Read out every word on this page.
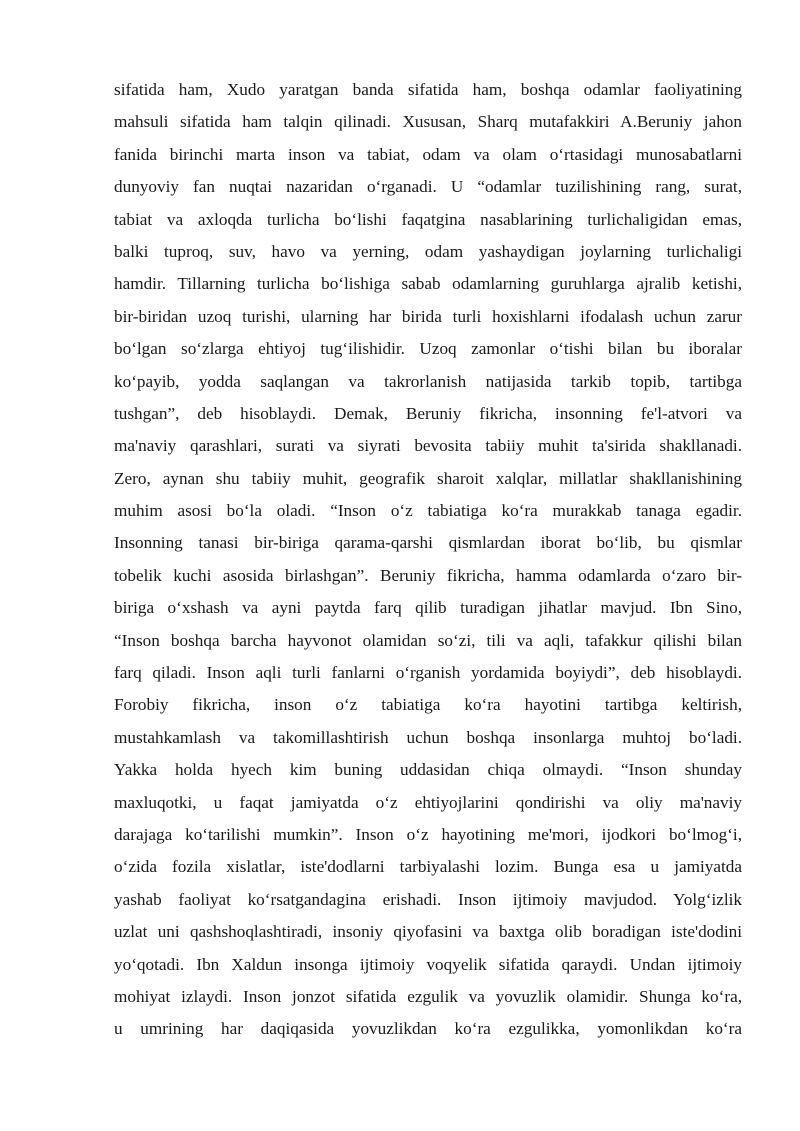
sifatida ham, Xudo yaratgan banda sifatida ham, boshqa odamlar faoliyatining
mahsuli sifatida ham talqin qilinadi. Xususan, Sharq mutafakkiri A.Beruniy jahon
fanida birinchi marta inson va tabiat, odam va olam oʻrtasidagi munosabatlarni
dunyoviy fan nuqtai nazaridan oʻrganadi. U “odamlar tuzilishining rang, surat,
tabiat va axloqda turlicha boʻlishi faqatgina nasablarining turlichaligidan emas,
balki tuproq, suv, havo va yerning, odam yashaydigan joylarning turlichaligi
hamdir. Tillarning turlicha boʻlishiga sabab odamlarning guruhlarga ajralib ketishi,
bir-biridan uzoq turishi, ularning har birida turli hoxishlarni ifodalash uchun zarur
boʻlgan soʻzlarga ehtiyoj tugʻilishidir. Uzoq zamonlar oʻtishi bilan bu iboralar
koʻpayib, yodda saqlangan va takrorlanish natijasida tarkib topib, tartibga
tushgan”, deb hisoblaydi. Demak, Beruniy fikricha, insonning fe'l-atvori va
ma'naviy qarashlari, surati va siyrati bevosita tabiiy muhit ta'sirida shakllanadi.
Zero, aynan shu tabiiy muhit, geografik sharoit xalqlar, millatlar shakllanishining
muhim asosi boʻla oladi. “Inson oʻz tabiatiga koʻra murakkab tanaga egadir.
Insonning tanasi bir-biriga qarama-qarshi qismlardan iborat boʻlib, bu qismlar
tobelik kuchi asosida birlashgan”. Beruniy fikricha, hamma odamlarda oʻzaro bir-
biriga oʻxshash va ayni paytda farq qilib turadigan jihatlar mavjud. Ibn Sino,
“Inson boshqa barcha hayvonot olamidan soʻzi, tili va aqli, tafakkur qilishi bilan
farq qiladi. Inson aqli turli fanlarni oʻrganish yordamida boyiydi”, deb hisoblaydi.
Forobiy fikricha, inson oʻz tabiatiga koʻra hayotini tartibga keltirish,
mustahkamlash va takomillashtirish uchun boshqa insonlarga muhtoj boʻladi.
Yakka holda hyech kim buning uddasidan chiqa olmaydi. “Inson shunday
maxluqotki, u faqat jamiyatda oʻz ehtiyojlarini qondirishi va oliy ma'naviy
darajaga koʻtarilishi mumkin”. Inson oʻz hayotining me'mori, ijodkori boʻlmogʻi,
oʻzida fozila xislatlar, iste'dodlarni tarbiyalashi lozim. Bunga esa u jamiyatda
yashab faoliyat koʻrsatgandagina erishadi. Inson ijtimoiy mavjudod. Yolgʻizlik
uzlat uni qashshoqlashtiradi, insoniy qiyofasini va baxtga olib boradigan iste'dodini
yoʻqotadi. Ibn Xaldun insonga ijtimoiy voqyelik sifatida qaraydi. Undan ijtimoiy
mohiyat izlaydi. Inson jonzot sifatida ezgulik va yovuzlik olamidir. Shunga koʻra,
u umrining har daqiqasida yovuzlikdan koʻra ezgulikka, yomonlikdan koʻra
